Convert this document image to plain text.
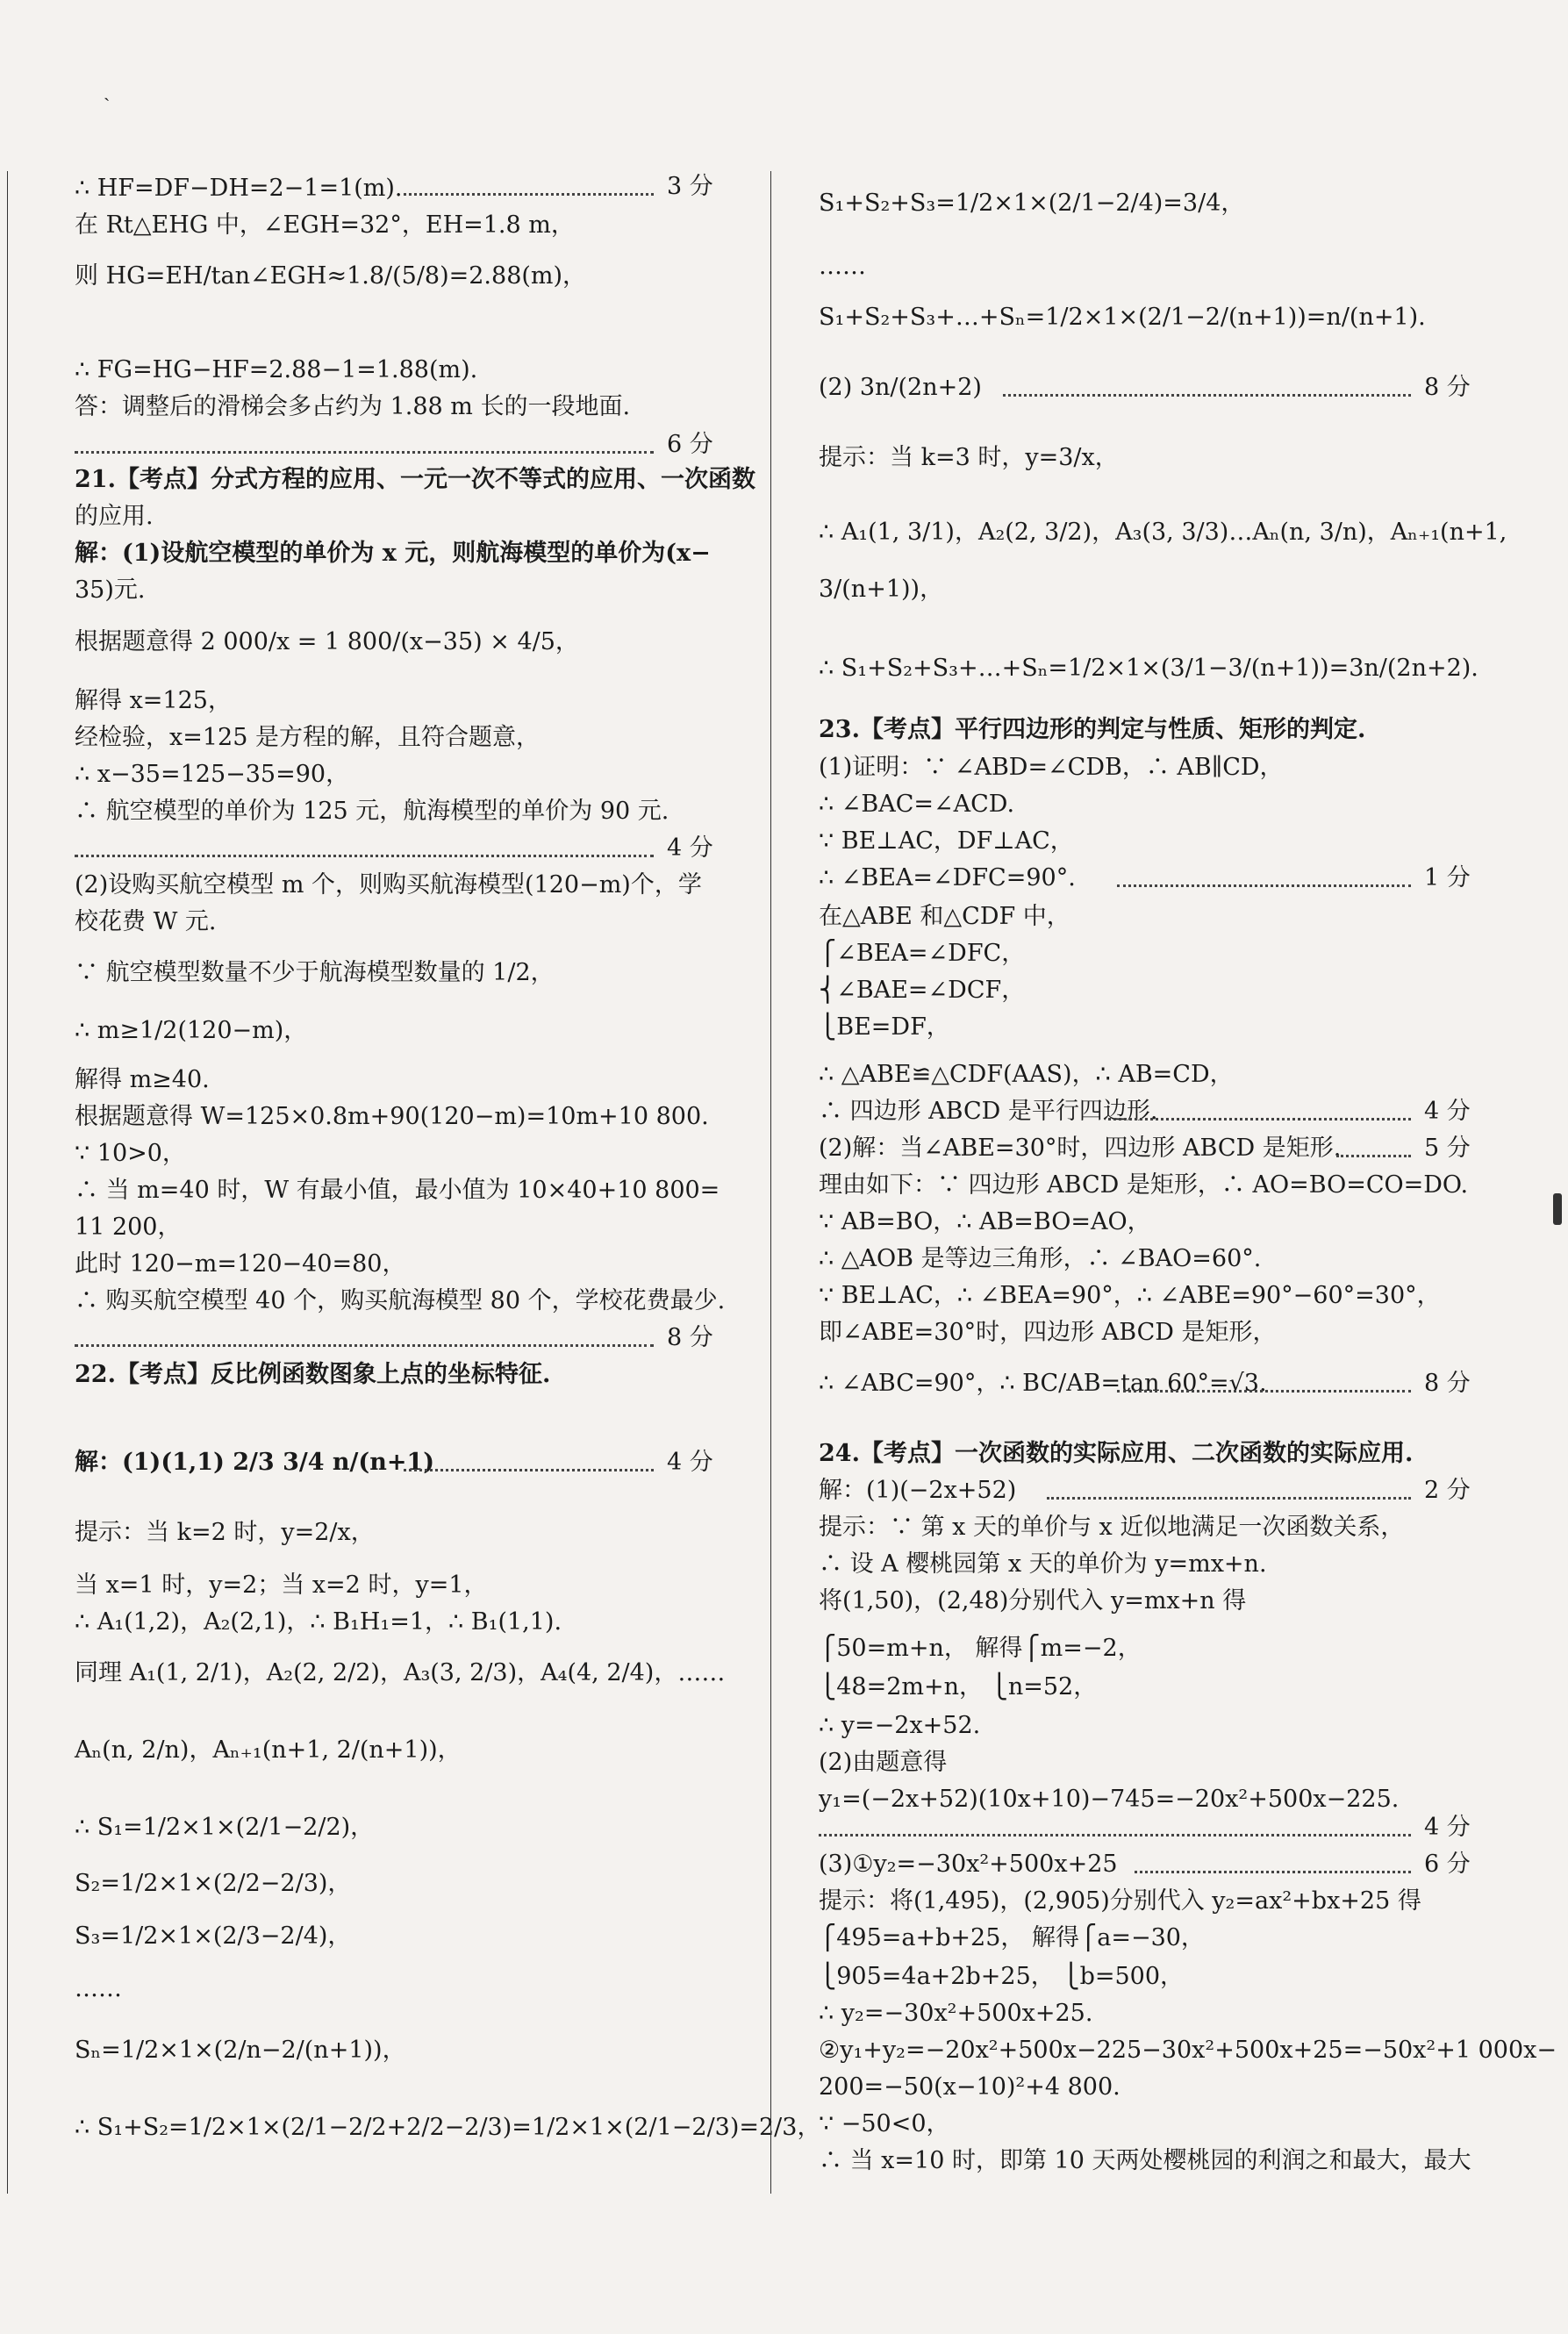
ˎ
∴ HF=DF−DH=2−1=1(m).
在 Rt△EHG 中，∠EGH=32°，EH=1.8 m，
则 HG=EH/tan∠EGH≈1.8/(5/8)=2.88(m)，
∴ FG=HG−HF=2.88−1=1.88(m).
答：调整后的滑梯会多占约为 1.88 m 长的一段地面.
21.【考点】分式方程的应用、一元一次不等式的应用、一次函数
的应用.
解：(1)设航空模型的单价为 x 元，则航海模型的单价为(x−
35)元.
根据题意得 2 000/x = 1 800/(x−35) × 4/5，
解得 x=125，
经检验，x=125 是方程的解，且符合题意，
∴ x−35=125−35=90，
∴ 航空模型的单价为 125 元，航海模型的单价为 90 元.
(2)设购买航空模型 m 个，则购买航海模型(120−m)个，学
校花费 W 元.
∵ 航空模型数量不少于航海模型数量的 1/2，
∴ m≥1/2(120−m)，
解得 m≥40.
根据题意得 W=125×0.8m+90(120−m)=10m+10 800.
∵ 10>0，
∴ 当 m=40 时，W 有最小值，最小值为 10×40+10 800=
11 200，
此时 120−m=120−40=80，
∴ 购买航空模型 40 个，购买航海模型 80 个，学校花费最少.
22.【考点】反比例函数图象上点的坐标特征.
解：(1)(1,1) 2/3 3/4 n/(n+1)
提示：当 k=2 时，y=2/x，
当 x=1 时，y=2；当 x=2 时，y=1，
∴ A₁(1,2)，A₂(2,1)，∴ B₁H₁=1，∴ B₁(1,1).
同理 A₁(1, 2/1)，A₂(2, 2/2)，A₃(3, 2/3)，A₄(4, 2/4)，……
Aₙ(n, 2/n)，Aₙ₊₁(n+1, 2/(n+1))，
∴ S₁=1/2×1×(2/1−2/2)，
S₂=1/2×1×(2/2−2/3)，
S₃=1/2×1×(2/3−2/4)，
……
Sₙ=1/2×1×(2/n−2/(n+1))，
∴ S₁+S₂=1/2×1×(2/1−2/2+2/2−2/3)=1/2×1×(2/1−2/3)=2/3，
3 分
6 分
4 分
8 分
4 分
S₁+S₂+S₃=1/2×1×(2/1−2/4)=3/4，
……
S₁+S₂+S₃+…+Sₙ=1/2×1×(2/1−2/(n+1))=n/(n+1).
(2) 3n/(2n+2)
提示：当 k=3 时，y=3/x，
∴ A₁(1, 3/1)，A₂(2, 3/2)，A₃(3, 3/3)…Aₙ(n, 3/n)，Aₙ₊₁(n+1,
3/(n+1))，
∴ S₁+S₂+S₃+…+Sₙ=1/2×1×(3/1−3/(n+1))=3n/(2n+2).
23.【考点】平行四边形的判定与性质、矩形的判定.
(1)证明：∵ ∠ABD=∠CDB，∴ AB∥CD，
∴ ∠BAC=∠ACD.
∵ BE⊥AC，DF⊥AC，
∴ ∠BEA=∠DFC=90°.
在△ABE 和△CDF 中，
⎧∠BEA=∠DFC，
⎨∠BAE=∠DCF，
⎩BE=DF，
∴ △ABE≌△CDF(AAS)，∴ AB=CD，
∴ 四边形 ABCD 是平行四边形.
(2)解：当∠ABE=30°时，四边形 ABCD 是矩形.
理由如下：∵ 四边形 ABCD 是矩形，∴ AO=BO=CO=DO.
∵ AB=BO，∴ AB=BO=AO，
∴ △AOB 是等边三角形，∴ ∠BAO=60°.
∵ BE⊥AC，∴ ∠BEA=90°，∴ ∠ABE=90°−60°=30°，
即∠ABE=30°时，四边形 ABCD 是矩形，
∴ ∠ABC=90°，∴ BC/AB=tan 60°=√3.
24.【考点】一次函数的实际应用、二次函数的实际应用.
解：(1)(−2x+52)
提示：∵ 第 x 天的单价与 x 近似地满足一次函数关系，
∴ 设 A 樱桃园第 x 天的单价为 y=mx+n.
将(1,50)，(2,48)分别代入 y=mx+n 得
⎧50=m+n， 解得⎧m=−2，
⎩48=2m+n， ⎩n=52，
∴ y=−2x+52.
(2)由题意得
y₁=(−2x+52)(10x+10)−745=−20x²+500x−225.
(3)①y₂=−30x²+500x+25
提示：将(1,495)，(2,905)分别代入 y₂=ax²+bx+25 得
⎧495=a+b+25， 解得⎧a=−30，
⎩905=4a+2b+25， ⎩b=500，
∴ y₂=−30x²+500x+25.
②y₁+y₂=−20x²+500x−225−30x²+500x+25=−50x²+1 000x−
200=−50(x−10)²+4 800.
∵ −50<0，
∴ 当 x=10 时，即第 10 天两处樱桃园的利润之和最大，最大
8 分
1 分
4 分
5 分
8 分
2 分
4 分
6 分
